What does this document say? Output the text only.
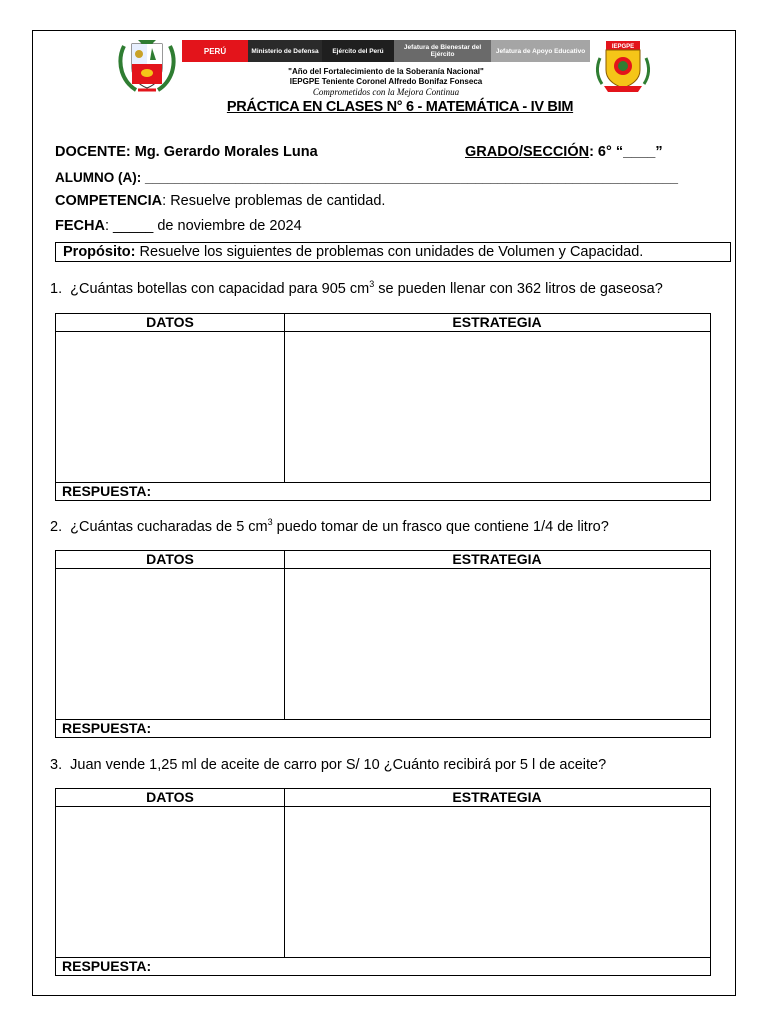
PERÚ	Ministerio de Defensa	Ejército del Perú	Jefatura de Bienestar del Ejército	Jefatura de Apoyo Educativo
IEPGPE
"Año del Fortalecimiento de la Soberanía Nacional"
IEPGPE Teniente Coronel Alfredo Bonifaz Fonseca
Comprometidos con la Mejora Continua
PRÁCTICA EN CLASES N° 6 - MATEMÁTICA - IV BIM
DOCENTE: Mg. Gerardo Morales Luna	GRADO/SECCIÓN: 6° “____”
ALUMNO (A): _______________________________________________________________________
COMPETENCIA: Resuelve problemas de cantidad.
FECHA: _____ de noviembre de 2024
Propósito: Resuelve los siguientes de problemas con unidades de Volumen y Capacidad.
1. ¿Cuántas botellas con capacidad para 905 $cm^3$ se pueden llenar con 362 litros de gaseosa?
DATOS	ESTRATEGIA
RESPUESTA:
2. ¿Cuántas cucharadas de 5 $cm^3$ puedo tomar de un frasco que contiene 1/4 de litro?
DATOS	ESTRATEGIA
RESPUESTA:
3. Juan vende 1,25 ml de aceite de carro por S/ 10 ¿Cuánto recibirá por 5 l de aceite?
DATOS	ESTRATEGIA
RESPUESTA:
